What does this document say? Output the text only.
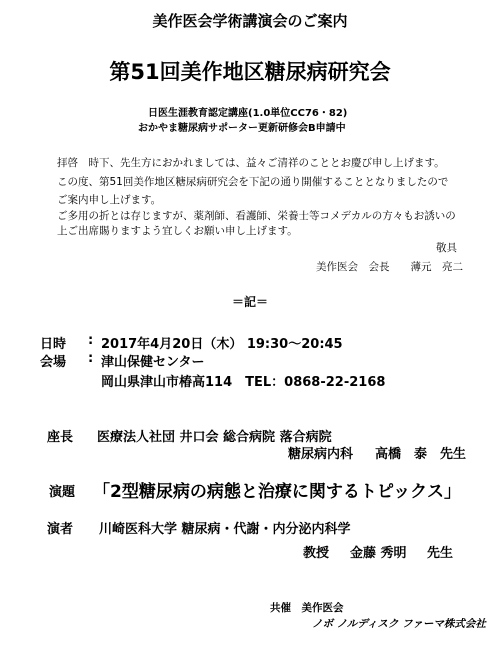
美作医会学術講演会のご案内
第51回美作地区糖尿病研究会
日医生涯教育認定講座(1.0単位CC76・82)
おかやま糖尿病サポーター更新研修会B申請中
拝啓　時下、先生方におかれましては、益々ご清祥のこととお慶び申し上げます。
この度、第51回美作地区糖尿病研究会を下記の通り開催することとなりましたので
ご案内申し上げます。
ご多用の折とは存じますが、薬剤師、看護師、栄養士等コメデカルの方々もお誘いの
上ご出席賜りますよう宜しくお願い申し上げます。
敬具
美作医会　会長　　薄元　亮二
＝記＝
日時 : 2017年4月20日（木） 19:30～20:45
会場 : 津山保健センター
岡山県津山市椿高114　TEL：0868-22-2168
座長 医療法人社団 井口会 総合病院 落合病院
糖尿病内科 高橋　泰 先生
演題 「2型糖尿病の病態と治療に関するトピックス」
演者 川崎医科大学 糖尿病・代謝・内分泌内科学
教授 金藤 秀明 先生
共催　美作医会
ノボ ノルディスク ファーマ株式会社
